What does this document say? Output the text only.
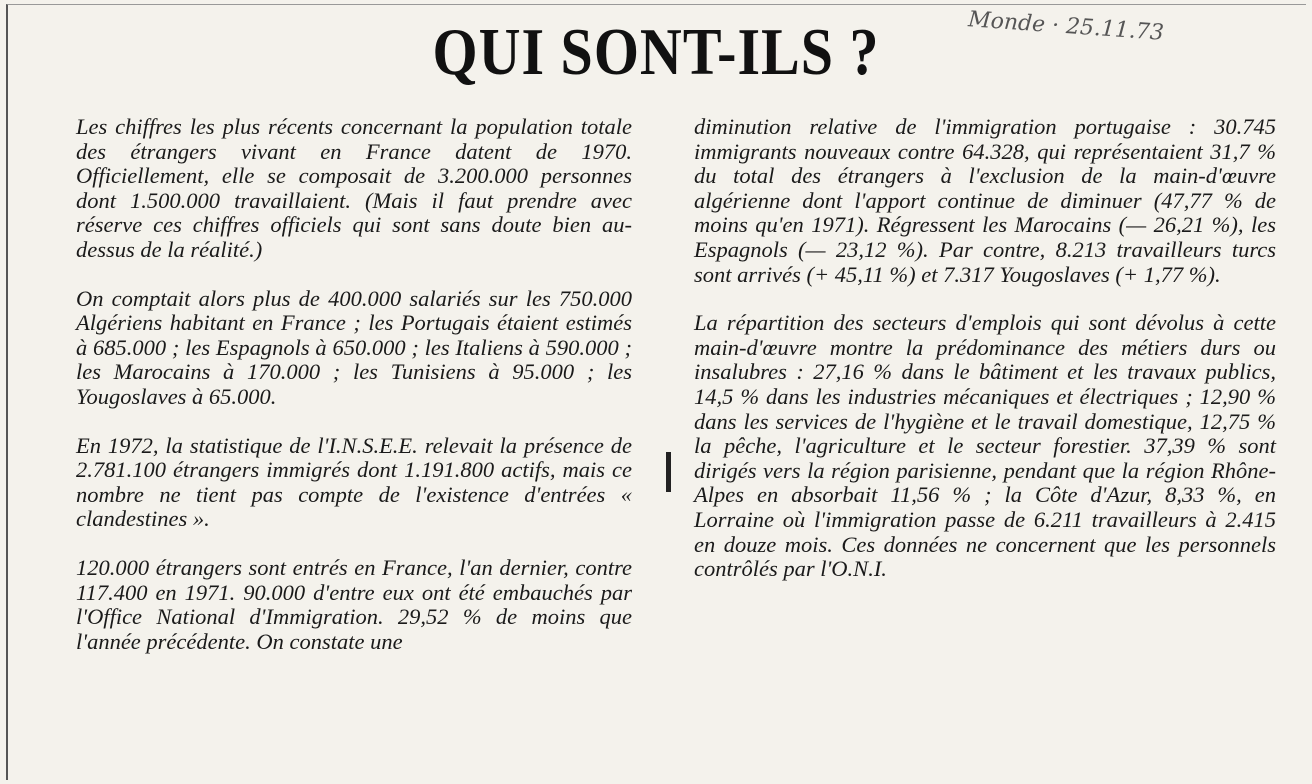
QUI SONT-ILS ?	Monde · 25.11.73

Les chiffres les plus récents concernant la population totale des étrangers vivant en France datent de 1970. Officiellement, elle se composait de 3.200.000 personnes dont 1.500.000 travaillaient. (Mais il faut prendre avec réserve ces chiffres officiels qui sont sans doute bien au-dessus de la réalité.)

On comptait alors plus de 400.000 salariés sur les 750.000 Algériens habitant en France ; les Portugais étaient estimés à 685.000 ; les Espagnols à 650.000 ; les Italiens à 590.000 ; les Marocains à 170.000 ; les Tunisiens à 95.000 ; les Yougoslaves à 65.000.

En 1972, la statistique de l'I.N.S.E.E. relevait la présence de 2.781.100 étrangers immigrés dont 1.191.800 actifs, mais ce nombre ne tient pas compte de l'existence d'entrées « clandestines ».

120.000 étrangers sont entrés en France, l'an dernier, contre 117.400 en 1971. 90.000 d'entre eux ont été embauchés par l'Office National d'Immigration. 29,52 % de moins que l'année précédente. On constate une

diminution relative de l'immigration portugaise : 30.745 immigrants nouveaux contre 64.328, qui représentaient 31,7 % du total des étrangers à l'exclusion de la main-d'œuvre algérienne dont l'apport continue de diminuer (47,77 % de moins qu'en 1971). Régressent les Marocains (— 26,21 %), les Espagnols (— 23,12 %). Par contre, 8.213 travailleurs turcs sont arrivés (+ 45,11 %) et 7.317 Yougoslaves (+ 1,77 %).

La répartition des secteurs d'emplois qui sont dévolus à cette main-d'œuvre montre la prédominance des métiers durs ou insalubres : 27,16 % dans le bâtiment et les travaux publics, 14,5 % dans les industries mécaniques et électriques ; 12,90 % dans les services de l'hygiène et le travail domestique, 12,75 % la pêche, l'agriculture et le secteur forestier. 37,39 % sont dirigés vers la région parisienne, pendant que la région Rhône-Alpes en absorbait 11,56 % ; la Côte d'Azur, 8,33 %, en Lorraine où l'immigration passe de 6.211 travailleurs à 2.415 en douze mois. Ces données ne concernent que les personnels contrôlés par l'O.N.I.
